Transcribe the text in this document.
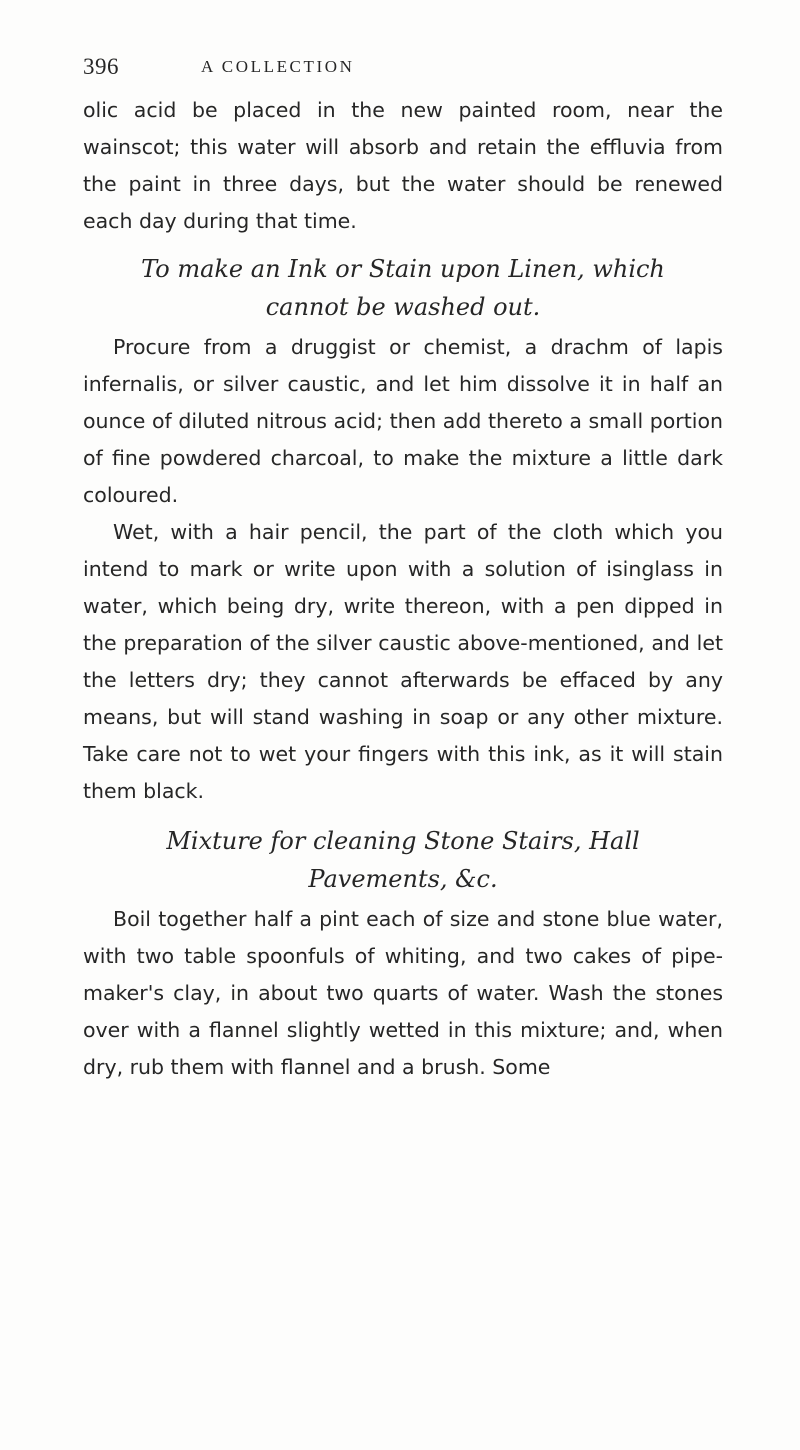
396	A COLLECTION

olic acid be placed in the new painted room, near the wainscot; this water will absorb and retain the effluvia from the paint in three days, but the water should be renewed each day during that time.

To make an Ink or Stain upon Linen, which
cannot be washed out.

Procure from a druggist or chemist, a drachm of lapis infernalis, or silver caustic, and let him dissolve it in half an ounce of diluted nitrous acid; then add thereto a small portion of fine powdered charcoal, to make the mixture a little dark coloured.

Wet, with a hair pencil, the part of the cloth which you intend to mark or write upon with a solution of isinglass in water, which being dry, write thereon, with a pen dipped in the preparation of the silver caustic above-mentioned, and let the letters dry; they cannot afterwards be effaced by any means, but will stand washing in soap or any other mixture. Take care not to wet your fingers with this ink, as it will stain them black.

Mixture for cleaning Stone Stairs, Hall
Pavements, &c.

Boil together half a pint each of size and stone blue water, with two table spoonfuls of whiting, and two cakes of pipe-maker's clay, in about two quarts of water. Wash the stones over with a flannel slightly wetted in this mixture; and, when dry, rub them with flannel and a brush. Some
